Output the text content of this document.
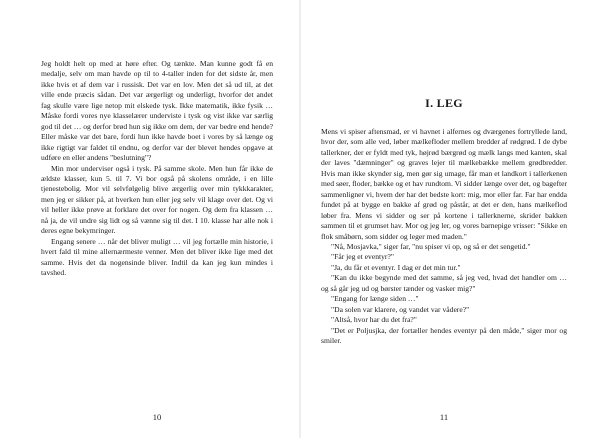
Jeg holdt helt op med at høre efter. Og tænkte. Man kunne godt få en medalje, selv om man havde op til to 4-taller inden for det sidste år, men ikke hvis et af dem var i russisk. Det var en lov. Men det så ud til, at det ville ende præcis sådan. Det var ærgerligt og underligt, hvorfor det andet fag skulle være lige netop mit elskede tysk. Ikke matematik, ikke fysik … Måske fordi vores nye klasselærer underviste i tysk og vist ikke var særlig god til det … og derfor brød hun sig ikke om dem, der var bedre end hende? Eller måske var det bare, fordi hun ikke havde boet i vores by så længe og ikke rigtigt var faldet til endnu, og derfor var der blevet hendes opgave at udføre en eller andens "beslutning"?

Min mor underviser også i tysk. På samme skole. Men hun får ikke de ældste klasser, kun 5. til 7. Vi bor også på skolens område, i en lille tjenestebolig. Mor vil selvfølgelig blive ærgerlig over min tykkkarakter, men jeg er sikker på, at hverken hun eller jeg selv vil klage over det. Og vi vil heller ikke prøve at forklare det over for nogen. Og dem fra klassen … nå ja, de vil undre sig lidt og så vænne sig til det. I 10. klasse har alle nok i deres egne bekymringer.

Engang senere … når det bliver muligt … vil jeg fortælle min historie, i hvert fald til mine allernærmeste venner. Men det bliver ikke lige med det samme. Hvis det da nogensinde bliver. Indtil da kan jeg kun mindes i tavshed.

10
I. LEG

Mens vi spiser aftensmad, er vi havnet i alfernes og dværgenes fortryllede land, hvor der, som alle ved, løber mælkefloder mellem bredder af rødgrød. I de dybe tallerkner, der er fyldt med tyk, højrød bærgrød og mælk langs med kanten, skal der laves "dæmninger" og graves lejer til mælkebække mellem grødbredder. Hvis man ikke skynder sig, men gør sig umage, får man et landkort i tallerkenen med søer, floder, bække og et hav rundtom. Vi sidder længe over det, og bagefter sammenligner vi, hvem der har det bedste kort: mig, mor eller far. Far har endda fundet på at bygge en bakke af grød og påstår, at det er den, hans mælkeflod løber fra. Mens vi sidder og ser på kortene i tallerknerne, skrider bakken sammen til et grumset hav. Mor og jeg ler, og vores barnepige vrisser: "Sikke en flok småbørn, som sidder og leger med maden."

"Nå, Mosjavka," siger far, "nu spiser vi op, og så er det sengetid."

"Får jeg et eventyr?"

"Ja, du får et eventyr. I dag er det min tur."

"Kan du ikke begynde med det samme, så jeg ved, hvad det handler om … og så går jeg ud og børster tænder og vasker mig?"

"Engang for længe siden …"

"Da solen var klarere, og vandet var vådere?"

"Altså, hvor har du det fra?"

"Det er Poljusjka, der fortæller hendes eventyr på den måde," siger mor og smiler.

11
